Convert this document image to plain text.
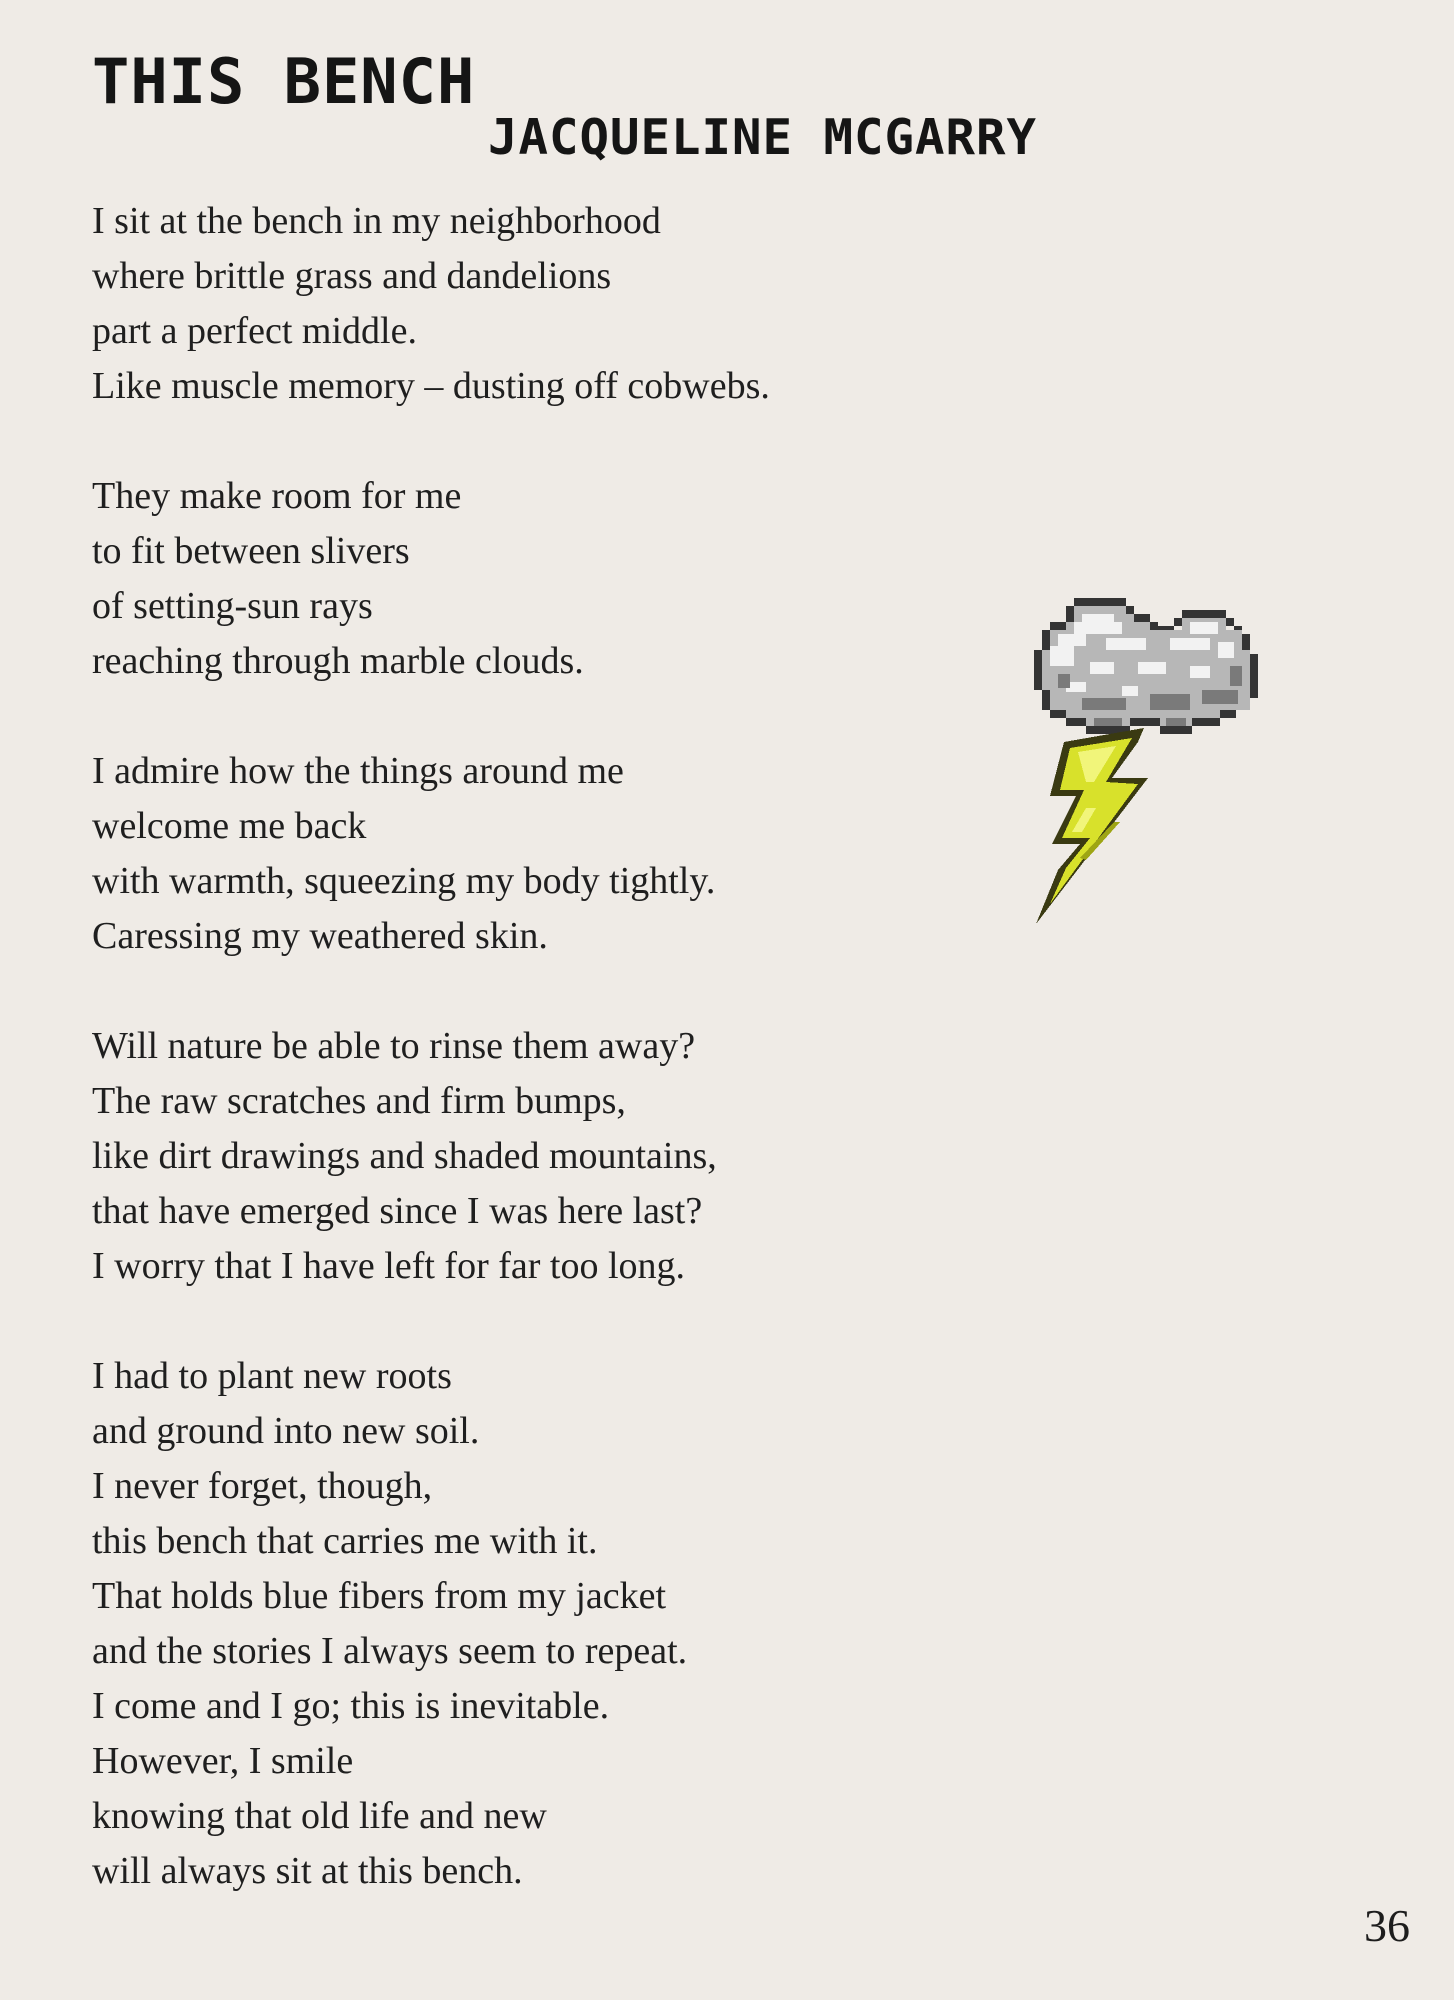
THIS BENCH
JACQUELINE MCGARRY
I sit at the bench in my neighborhood
where brittle grass and dandelions
part a perfect middle.
Like muscle memory – dusting off cobwebs.
They make room for me
to fit between slivers
of setting-sun rays
reaching through marble clouds.
I admire how the things around me
welcome me back
with warmth, squeezing my body tightly.
Caressing my weathered skin.
Will nature be able to rinse them away?
The raw scratches and firm bumps,
like dirt drawings and shaded mountains,
that have emerged since I was here last?
I worry that I have left for far too long.
I had to plant new roots
and ground into new soil.
I never forget, though,
this bench that carries me with it.
That holds blue fibers from my jacket
and the stories I always seem to repeat.
I come and I go; this is inevitable.
However, I smile
knowing that old life and new
will always sit at this bench.
36
